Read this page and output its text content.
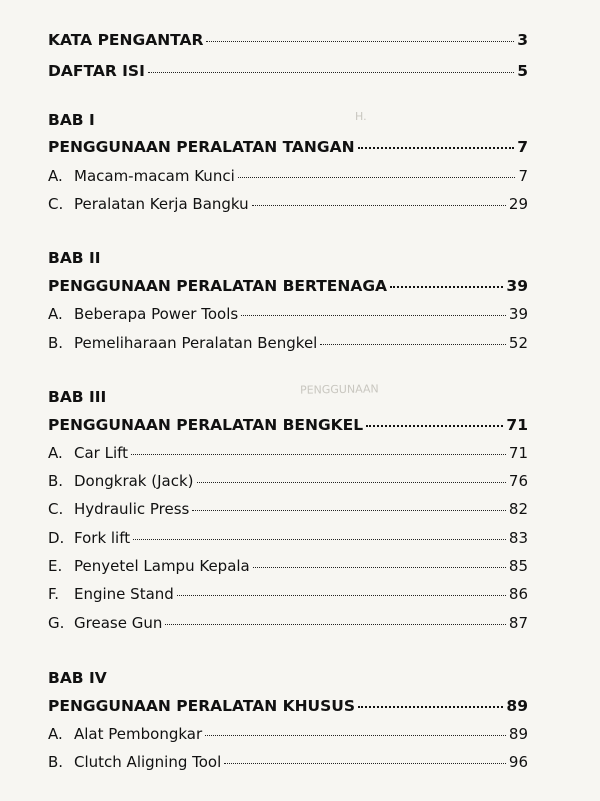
H.
PENGGUNAAN
KATA PENGANTAR	3
DAFTAR ISI	5
BAB I
PENGGUNAAN PERALATAN TANGAN	7
A. Macam-macam Kunci	7
C. Peralatan Kerja Bangku	29
BAB II
PENGGUNAAN PERALATAN BERTENAGA	39
A. Beberapa Power Tools	39
B. Pemeliharaan Peralatan Bengkel	52
BAB III
PENGGUNAAN PERALATAN BENGKEL	71
A. Car Lift	71
B. Dongkrak (Jack)	76
C. Hydraulic Press	82
D. Fork lift	83
E. Penyetel Lampu Kepala	85
F.	Engine Stand	86
G. Grease Gun	87
BAB IV
PENGGUNAAN PERALATAN KHUSUS	89
A. Alat Pembongkar	89
B. Clutch Aligning Tool	96
